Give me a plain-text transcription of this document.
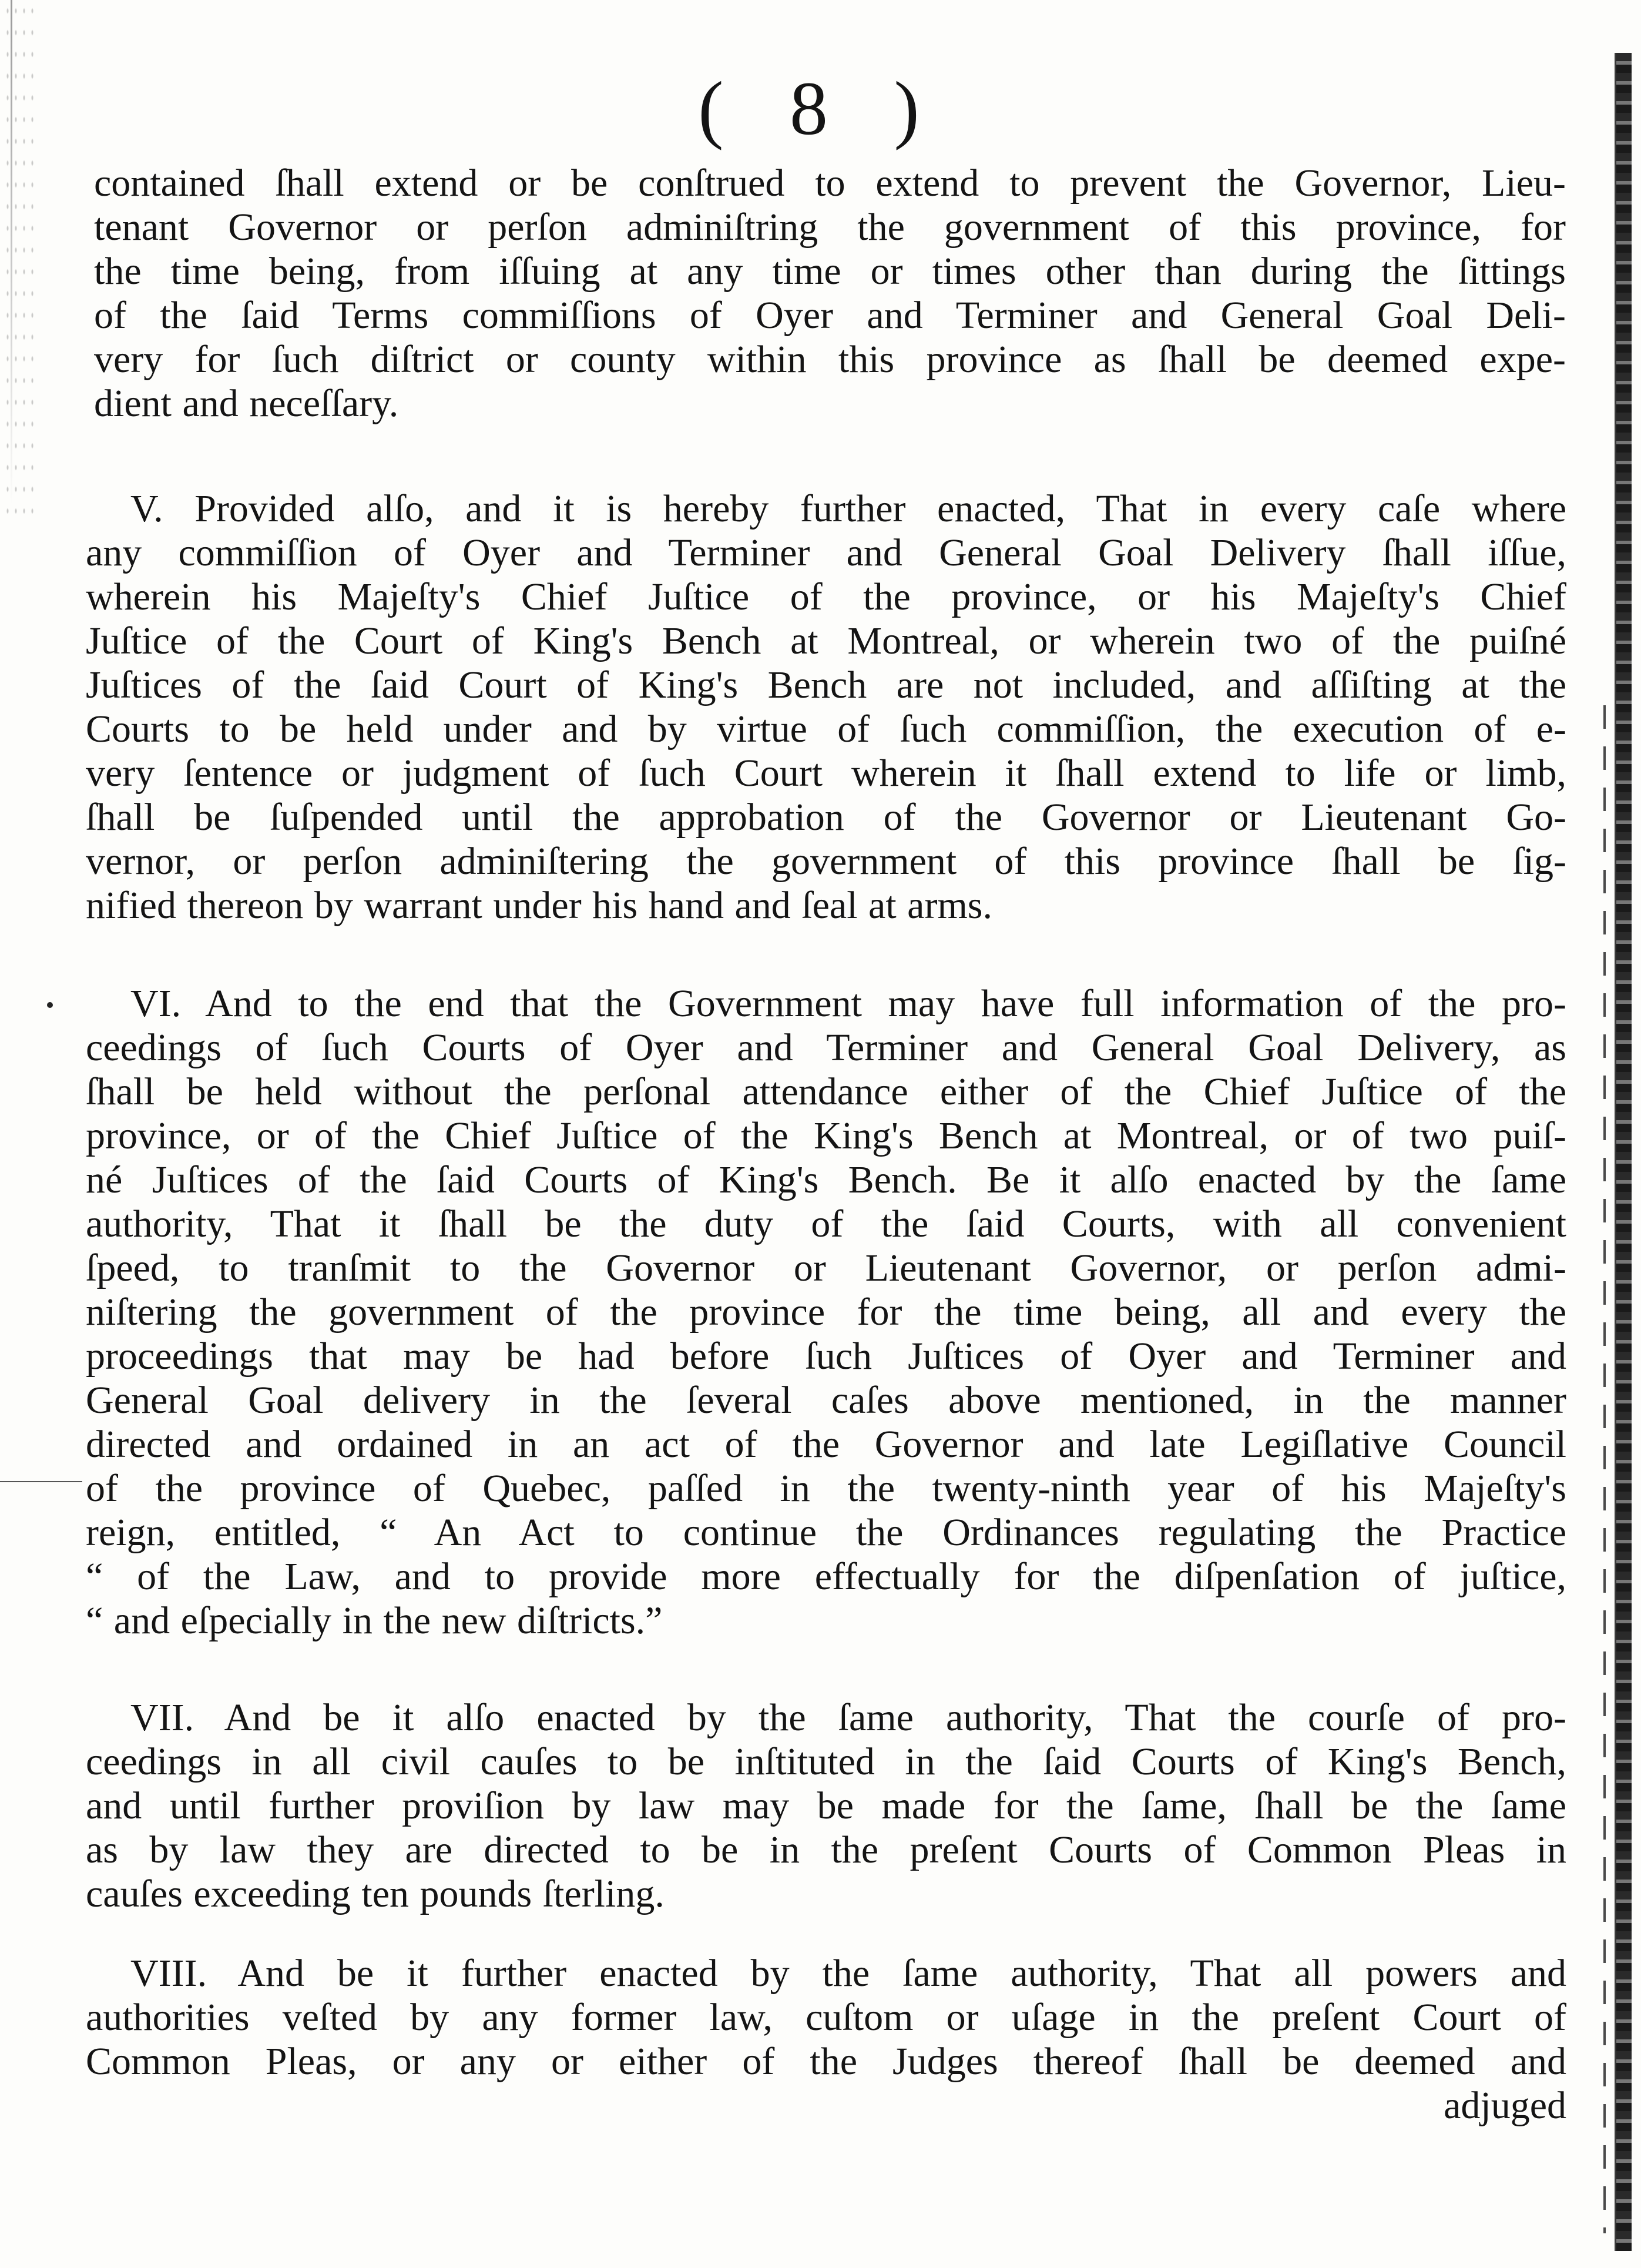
( 8 )
contained ſhall extend or be conſtrued to extend to prevent the Governor, Lieu-
tenant Governor or perſon adminiſtring the government of this province, for
the time being, from iſſuing at any time or times other than during the ſittings
of the ſaid Terms commiſſions of Oyer and Terminer and General Goal Deli-
very for ſuch diſtrict or county within this province as ſhall be deemed expe-
dient and neceſſary.
V. Provided alſo, and it is hereby further enacted, That in every caſe where
any commiſſion of Oyer and Terminer and General Goal Delivery ſhall iſſue,
wherein his Majeſty's Chief Juſtice of the province, or his Majeſty's Chief
Juſtice of the Court of King's Bench at Montreal, or wherein two of the puiſné
Juſtices of the ſaid Court of King's Bench are not included, and aſſiſting at the
Courts to be held under and by virtue of ſuch commiſſion, the execution of e-
very ſentence or judgment of ſuch Court wherein it ſhall extend to life or limb,
ſhall be ſuſpended until the approbation of the Governor or Lieutenant Go-
vernor, or perſon adminiſtering the government of this province ſhall be ſig-
nified thereon by warrant under his hand and ſeal at arms.
VI. And to the end that the Government may have full information of the pro-
ceedings of ſuch Courts of Oyer and Terminer and General Goal Delivery, as
ſhall be held without the perſonal attendance either of the Chief Juſtice of the
province, or of the Chief Juſtice of the King's Bench at Montreal, or of two puiſ-
né Juſtices of the ſaid Courts of King's Bench. Be it alſo enacted by the ſame
authority, That it ſhall be the duty of the ſaid Courts, with all convenient
ſpeed, to tranſmit to the Governor or Lieutenant Governor, or perſon admi-
niſtering the government of the province for the time being, all and every the
proceedings that may be had before ſuch Juſtices of Oyer and Terminer and
General Goal delivery in the ſeveral caſes above mentioned, in the manner
directed and ordained in an act of the Governor and late Legiſlative Council
of the province of Quebec, paſſed in the twenty-ninth year of his Majeſty's
reign, entitled, “ An Act to continue the Ordinances regulating the Practice
“ of the Law, and to provide more effectually for the diſpenſation of juſtice,
“ and eſpecially in the new diſtricts.”
VII. And be it alſo enacted by the ſame authority, That the courſe of pro-
ceedings in all civil cauſes to be inſtituted in the ſaid Courts of King's Bench,
and until further proviſion by law may be made for the ſame, ſhall be the ſame
as by law they are directed to be in the preſent Courts of Common Pleas in
cauſes exceeding ten pounds ſterling.
VIII. And be it further enacted by the ſame authority, That all powers and
authorities veſted by any former law, cuſtom or uſage in the preſent Court of
Common Pleas, or any or either of the Judges thereof ſhall be deemed and
adjuged
